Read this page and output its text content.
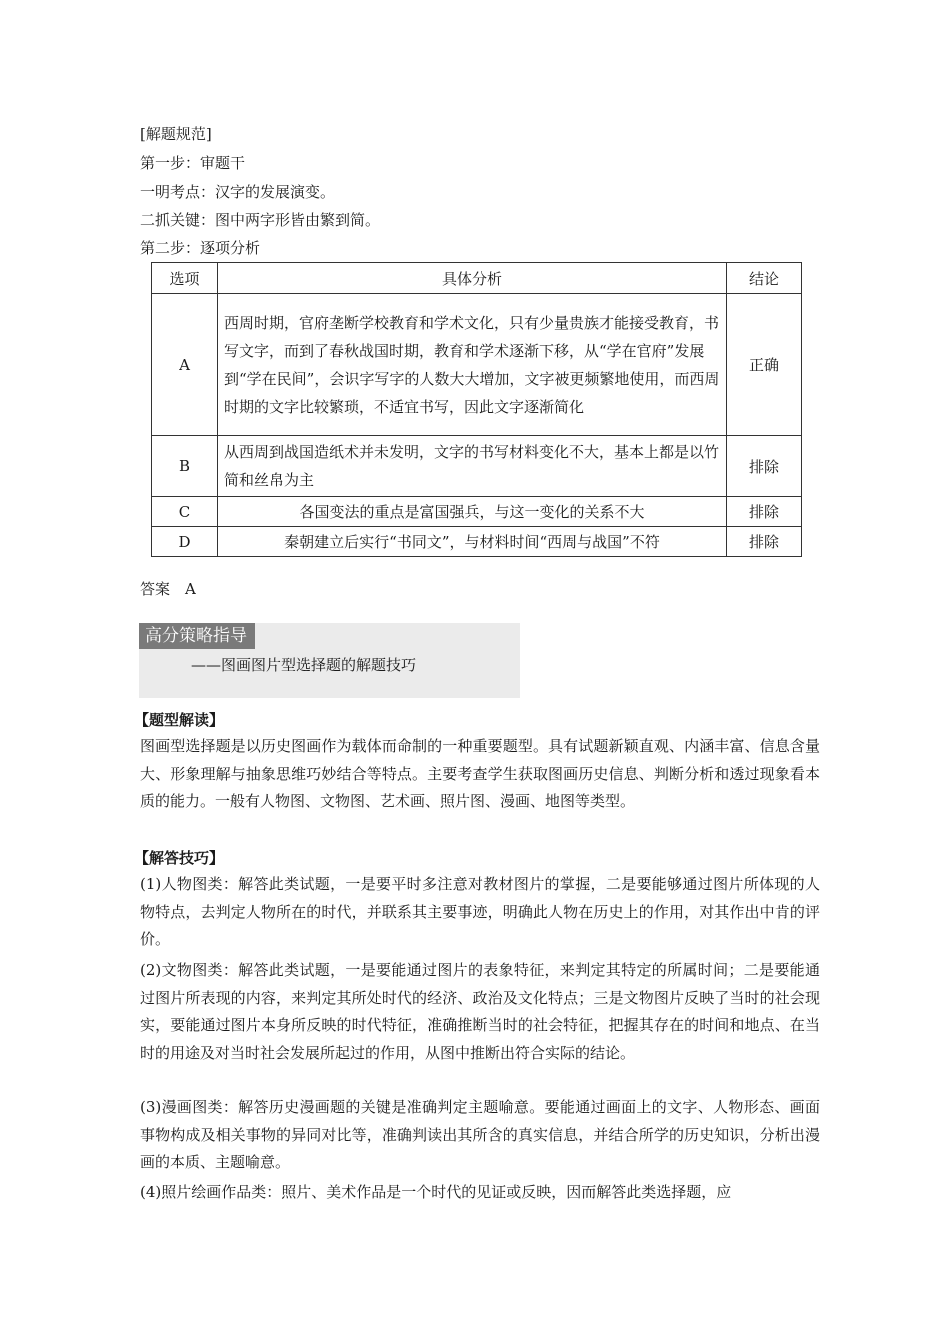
[解题规范]
第一步：审题干
一明考点：汉字的发展演变。
二抓关键：图中两字形皆由繁到简。
第二步：逐项分析
选项	具体分析	结论
A	西周时期，官府垄断学校教育和学术文化，只有少量贵族才能接受教育，书写文字，而到了春秋战国时期，教育和学术逐渐下移，从“学在官府”发展到“学在民间”，会识字写字的人数大大增加，文字被更频繁地使用，而西周时期的文字比较繁琐，不适宜书写，因此文字逐渐简化	正确
B	从西周到战国造纸术并未发明，文字的书写材料变化不大，基本上都是以竹简和丝帛为主	排除
C	各国变法的重点是富国强兵，与这一变化的关系不大	排除
D	秦朝建立后实行“书同文”，与材料时间“西周与战国”不符	排除
答案　A
高分策略指导
——图画图片型选择题的解题技巧
【题型解读】
图画型选择题是以历史图画作为载体而命制的一种重要题型。具有试题新颖直观、内涵丰富、信息含量大、形象理解与抽象思维巧妙结合等特点。主要考查学生获取图画历史信息、判断分析和透过现象看本质的能力。一般有人物图、文物图、艺术画、照片图、漫画、地图等类型。
【解答技巧】
(1)人物图类：解答此类试题，一是要平时多注意对教材图片的掌握，二是要能够通过图片所体现的人物特点，去判定人物所在的时代，并联系其主要事迹，明确此人物在历史上的作用，对其作出中肯的评价。
(2)文物图类：解答此类试题，一是要能通过图片的表象特征，来判定其特定的所属时间；二是要能通过图片所表现的内容，来判定其所处时代的经济、政治及文化特点；三是文物图片反映了当时的社会现实，要能通过图片本身所反映的时代特征，准确推断当时的社会特征，把握其存在的时间和地点、在当时的用途及对当时社会发展所起过的作用，从图中推断出符合实际的结论。
(3)漫画图类：解答历史漫画题的关键是准确判定主题喻意。要能通过画面上的文字、人物形态、画面事物构成及相关事物的异同对比等，准确判读出其所含的真实信息，并结合所学的历史知识，分析出漫画的本质、主题喻意。
(4)照片绘画作品类：照片、美术作品是一个时代的见证或反映，因而解答此类选择题，应
